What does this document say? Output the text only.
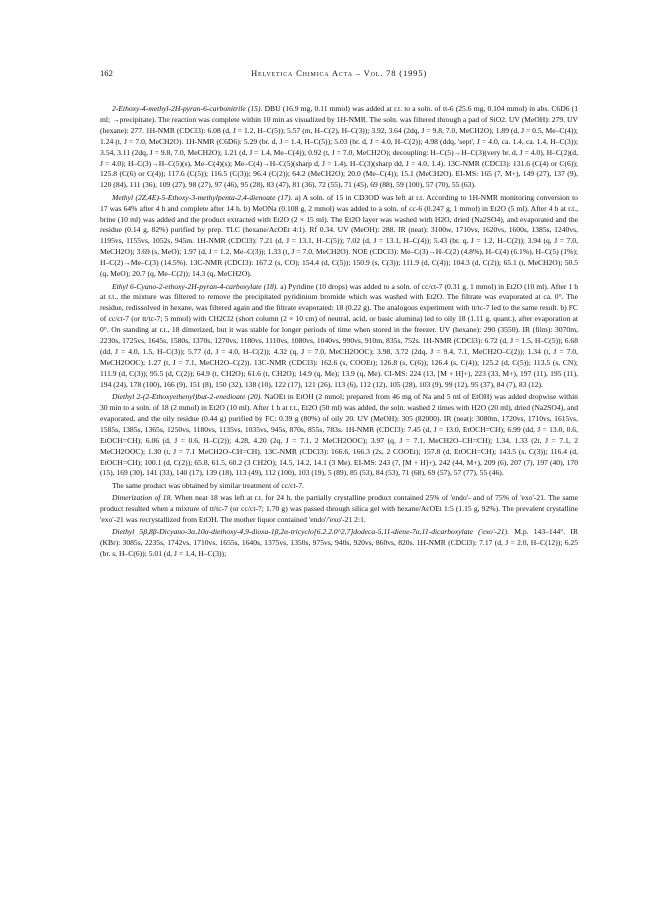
162	Helvetica Chimica Acta – Vol. 78 (1995)

2-Ethoxy-4-methyl-2H-pyran-6-carbonitrile (15). DBU (16.9 mg, 0.11 mmol) was added at r.t. to a soln. of tt-6 (25.6 mg, 0.104 mmol) in abs. C6D6 (1 ml; →precipitate). The reaction was complete within 10 min as visualized by 1H-NMR. The soln. was filtered through a pad of SiO2. UV (MeOH): 279. UV (hexane): 277. 1H-NMR (CDCl3): 6.08 (d, J = 1.2, H–C(5)); 5.57 (m, H–C(2), H–C(3)); 3.92, 3.64 (2dq, J = 9.8, 7.0, MeCH2O); 1.89 (d, J = 0.5, Me–C(4)); 1.24 (t, J = 7.0, MeCH2O). 1H-NMR (C6D6): 5.29 (br. d, J = 1.4, H–C(5)); 5.03 (br. d, J = 4.0, H–C(2)); 4.98 (ddq, 'sept', J = 4.0, ca. 1.4, ca. 1.4, H–C(3)); 3.54, 3.11 (2dq, J = 9.8, 7.0, MeCH2O); 1.21 (d, J = 1.4, Me–C(4)); 0.92 (t, J = 7.0, MeCH2O); decoupling: H–C(5)→H–C(3)(very br. d, J = 4.0), H–C(2)(d, J = 4.0); H–C(3)→H–C(5)(s), Me–C(4)(s); Me–C(4)→H–C(5)(sharp d, J = 1.4), H–C(3)(sharp dd, J = 4.0, 1.4). 13C-NMR (CDCl3): 131.6 (C(4) or C(6)); 125.8 (C(6) or C(4)); 117.6 (C(5)); 116.5 (C(3)); 96.4 (C(2)); 64.2 (MeCH2O); 20.0 (Me–C(4)); 15.1 (MeCH2O). EI-MS: 165 (7, M+), 149 (27), 137 (9), 120 (84), 111 (36), 109 (27), 98 (27), 97 (46), 95 (28), 83 (47), 81 (36), 72 (55), 71 (45), 69 (88), 59 (100), 57 (70), 55 (63).

Methyl (2Z,4E)-5-Ethoxy-3-methylpenta-2,4-dienoate (17). a) A soln. of 15 in CD3OD was left at r.t. According to 1H-NMR monitoring conversion to 17 was 64% after 4 h and complete after 14 h. b) MeONa (0.108 g, 2 mmol) was added to a soln. of cc-6 (0.247 g, 1 mmol) in Et2O (5 ml). After 4 h at r.t., brine (10 ml) was added and the product extracted with Et2O (2 × 15 ml). The Et2O layer was washed with H2O, dried (Na2SO4), and evaporated and the residue (0.14 g, 82%) purified by prep. TLC (hexane/AcOEt 4:1). Rf 0.34. UV (MeOH): 288. IR (neat): 3100w, 1710vs, 1620vs, 1600s, 1385s, 1240vs, 1195vs, 1155vs, 1052s, 945m. 1H-NMR (CDCl3): 7.21 (d, J = 13.1, H–C(5)); 7.02 (d, J = 13.1, H–C(4)); 5.43 (br. q, J = 1.2, H–C(2)); 3.94 (q, J = 7.0, MeCH2O); 3.69 (s, MeO); 1.97 (d, J = 1.2, Me–C(3)); 1.33 (t, J = 7.0, MeCH2O). NOE (CDCl3): Me–C(3)→H–C(2) (4.8%), H–C(4) (6.1%), H–C(5) (1%); H–C(2)→Me–C(3) (14.5%). 13C-NMR (CDCl3): 167.2 (s, CO); 154.4 (d, C(5)); 150.9 (s, C(3)); 111.9 (d, C(4)); 104.3 (d, C(2)); 65.1 (t, MeCH2O); 50.5 (q, MeO); 20.7 (q, Me–C(2)); 14.3 (q, MeCH2O).

Ethyl 6-Cyano-2-ethoxy-2H-pyran-4-carboxylate (18). a) Pyridine (10 drops) was added to a soln. of cc/ct-7 (0.31 g, 1 mmol) in Et2O (10 ml). After 1 h at r.t., the mixture was filtered to remove the precipitated pyridinium bromide which was washed with Et2O. The filtrate was evaporated at ca. 0°. The residue, redissolved in hexane, was filtered again and the filtrate evaporated: 18 (0.22 g). The analogous experiment with tt/tc-7 led to the same result. b) FC of cc/ct-7 (or tt/tc-7; 5 mmol) with CH2Cl2 (short column (2 × 10 cm) of neutral, acid, or basic alumina) led to oily 18 (1.11 g, quant.), after evaporation at 0°. On standing at r.t., 18 dimerized, but it was stable for longer periods of time when stored in the freezer. UV (hexane): 290 (3550). IR (film): 3070m, 2230s, 1725vs, 1645s, 1580s, 1370s, 1270vs, 1180vs, 1110vs, 1080vs, 1040vs, 990vs, 910m, 835s, 752s. 1H-NMR (CDCl3): 6.72 (d, J = 1.5, H–C(5)); 6.68 (dd, J = 4.0, 1.5, H–C(3)); 5.77 (d, J = 4.0, H–C(2)); 4.32 (q, J = 7.0, MeCH2OOC); 3.98, 3.72 (2dq, J = 9.4, 7.1, MeCH2O–C(2)); 1.34 (t, J = 7.0, MeCH2OOC); 1.27 (t, J = 7.1, MeCH2O–C(2)). 13C-NMR (CDCl3): 162.6 (s, COOEt); 126.8 (s, C(6)); 126.4 (s, C(4)); 125.2 (d, C(5)); 113.5 (s, CN); 111.9 (d, C(3)); 95.5 (d, C(2)); 64.9 (t, CH2O); 61.6 (t, CH2O); 14.9 (q, Me); 13.9 (q, Me). CI-MS: 224 (13, [M + H]+), 223 (33, M+), 197 (11), 195 (11), 194 (24), 178 (100), 166 (9), 151 (8), 150 (32), 138 (10), 122 (17), 121 (26), 113 (6), 112 (12), 105 (28), 103 (9), 99 (12), 95 (37), 84 (7), 83 (12).

Diethyl 2-(2-Ethoxyethenyl)but-2-enedioate (20). NaOEt in EtOH (2 mmol; prepared from 46 mg of Na and 5 ml of EtOH) was added dropwise within 30 min to a soln. of 18 (2 mmol) in Et2O (10 ml). After 1 h at r.t., Et2O (50 ml) was added, the soln. washed 2 times with H2O (20 ml), dried (Na2SO4), and evaporated, and the oily residue (0.44 g) purified by FC: 0.39 g (80%) of oily 20. UV (MeOH): 305 (82000). IR (neat): 3080m, 1720vs, 1710vs, 1615vs, 1585s, 1385s, 1365s, 1250vs, 1180vs, 1135vs, 1035vs, 945s, 870s, 855s, 783s. 1H-NMR (CDCl3): 7.45 (d, J = 13.0, EtOCH=CH); 6.99 (dd, J = 13.0, 0.6, EtOCH=CH); 6.06 (d, J = 0.6, H–C(2)); 4.28, 4.20 (2q, J = 7.1, 2 MeCH2OOC); 3.97 (q, J = 7.1, MeCH2O–CH=CH); 1.34, 1.33 (2t, J = 7.1, 2 MeCH2OOC); 1.30 (t, J = 7.1 MeCH2O–CH=CH). 13C-NMR (CDCl3): 166.6, 166.3 (2s, 2 COOEt); 157.8 (d, EtOCH=CH); 143.5 (s, C(3)); 116.4 (d, EtOCH=CH); 100.1 (d, C(2)); 65.8, 61.5, 60.2 (3 CH2O); 14.5, 14.2, 14.1 (3 Me). EI-MS: 243 (7, [M + H]+), 242 (44, M+), 209 (6), 207 (7), 197 (40), 170 (15), 169 (30), 141 (33), 140 (17), 139 (18), 113 (49), 112 (100), 103 (19), 5 (89), 85 (53), 84 (53), 71 (68), 69 (57), 57 (77), 55 (46).

The same product was obtained by similar treatment of cc/ct-7.

Dimerization of 18. When neat 18 was left at r.t. for 24 h, the partially crystalline product contained 25% of 'endo'- and of 75% of 'exo'-21. The same product resulted when a mixture of tt/tc-7 (or cc/ct-7; 1.70 g) was passed through silica gel with hexane/AcOEt 1:5 (1.15 g, 92%). The prevalent crystalline 'exo'-21 was recrystallized from EtOH. The mother liquor contained 'endo'/'exo'-21 2:1.

Diethyl 5β,8β-Dicyano-3α,10α-diethoxy-4,9-dioxa-1β,2α-tricyclo[6.2.2.0^2,7]dodeca-5,11-diene-7α,11-dicarboxylate ('exo'-21). M.p. 143–144°. IR (KBr): 3085s, 2235s, 1742vs, 1710vs, 1655s, 1640s, 1375vs, 1350s, 975vs, 940s, 920vs, 860vs, 820s. 1H-NMR (CDCl3): 7.17 (d, J = 2.0, H–C(12)); 6.25 (br. s, H–C(6)); 5.01 (d, J = 1.4, H–C(3));
